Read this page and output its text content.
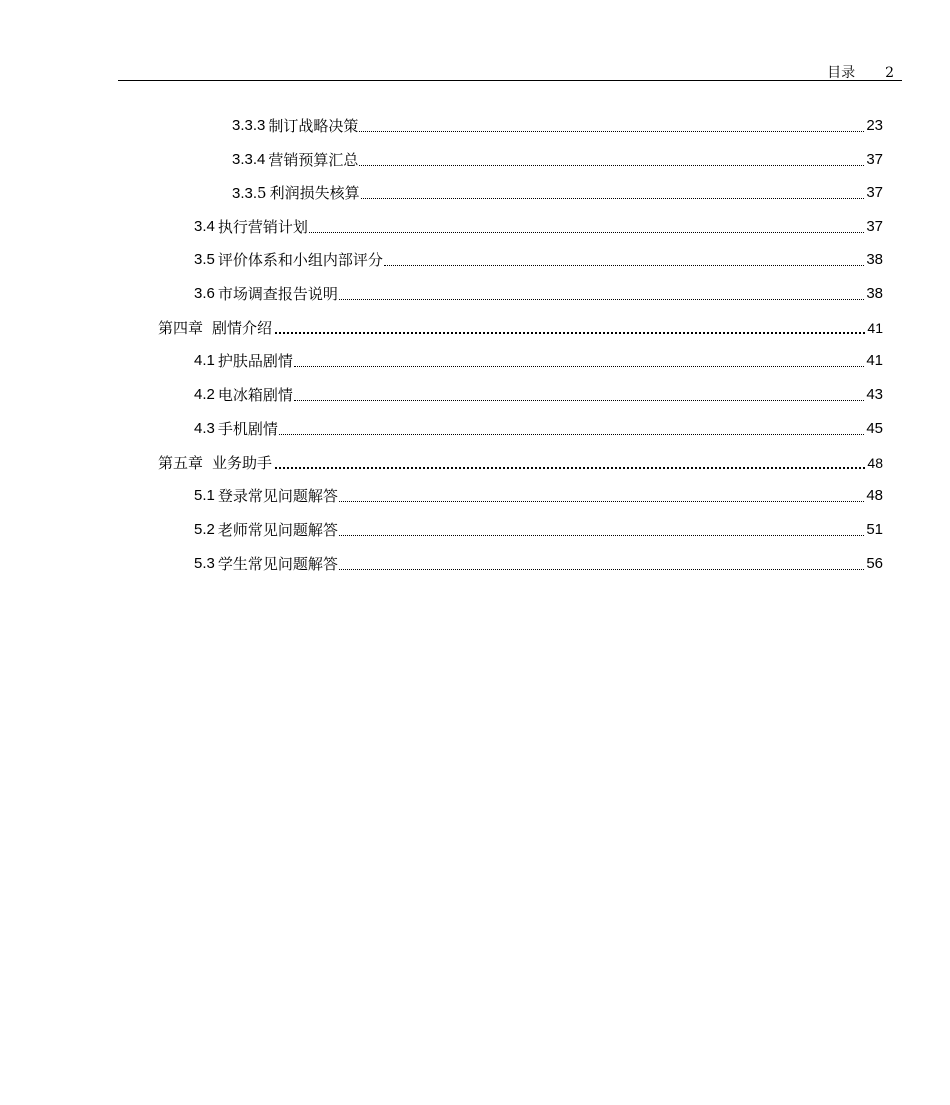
目录 2
3.3.3 制订战略决策	23
3.3.4 营销预算汇总	37
3.3.5 利润损失核算	37
3.4 执行营销计划	37
3.5 评价体系和小组内部评分	38
3.6 市场调查报告说明	38
第四章 剧情介绍	41
4.1 护肤品剧情	41
4.2 电冰箱剧情	43
4.3 手机剧情	45
第五章 业务助手	48
5.1 登录常见问题解答	48
5.2 老师常见问题解答	51
5.3 学生常见问题解答	56
